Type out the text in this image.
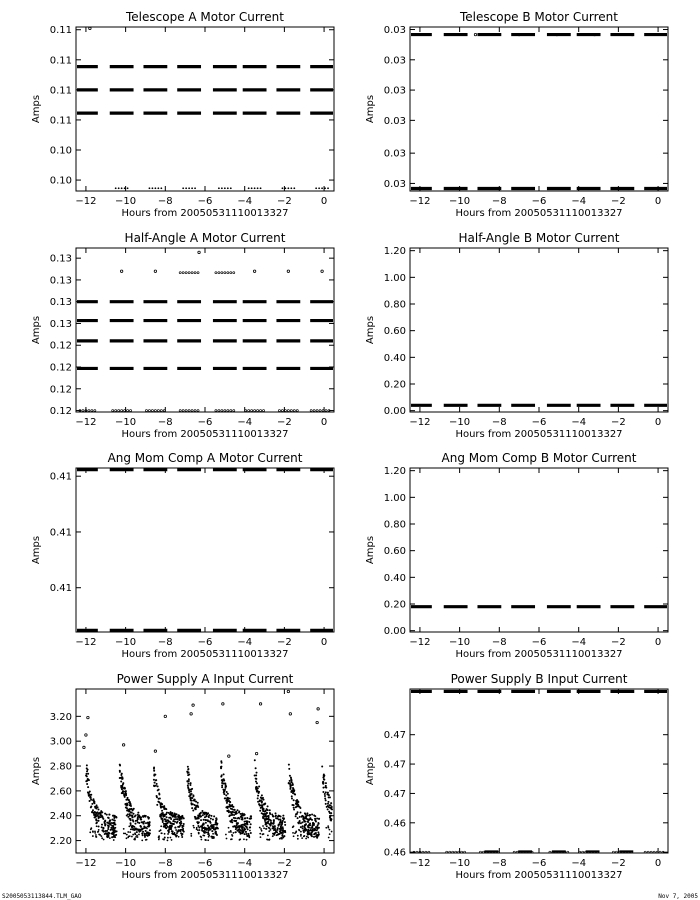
Telescope A Motor Current
−12 −10 −8 −6 −4 −2	0
0.10
0.10
0.11
0.11
0.11
0.11
Hours from 20050531110013327
Amps
Telescope B Motor Current
−12 −10 −8 −6 −4 −2	0
0.03
0.03
0.03
0.03
0.03
0.03
Hours from 20050531110013327
Amps
Half-Angle A Motor Current
−12 −10 −8 −6 −4 −2	0
0.12
0.12
0.12
0.12
0.13
0.13
0.13
0.13
Hours from 20050531110013327
Amps
Half-Angle B Motor Current
−12 −10 −8 −6 −4 −2	0
0.00
0.20
0.40
0.60
0.80
1.00
1.20
Hours from 20050531110013327
Amps
Ang Mom Comp A Motor Current
−12 −10 −8 −6 −4 −2	0
0.41
0.41
0.41
Hours from 20050531110013327
Amps
Ang Mom Comp B Motor Current
−12 −10 −8 −6 −4 −2	0
0.00
0.20
0.40
0.60
0.80
1.00
1.20
Hours from 20050531110013327
Amps
Power Supply A Input Current
−12 −10 −8 −6 −4 −2	0
2.20
2.40
2.60
2.80
3.00
3.20
Hours from 20050531110013327
Amps
Power Supply B Input Current
−12 −10 −8 −6 −4 −2	0
0.46
0.46
0.47
0.47
0.47
Hours from 20050531110013327
Amps
S2005053113844.TLM_GAO	Nov 7, 2005
